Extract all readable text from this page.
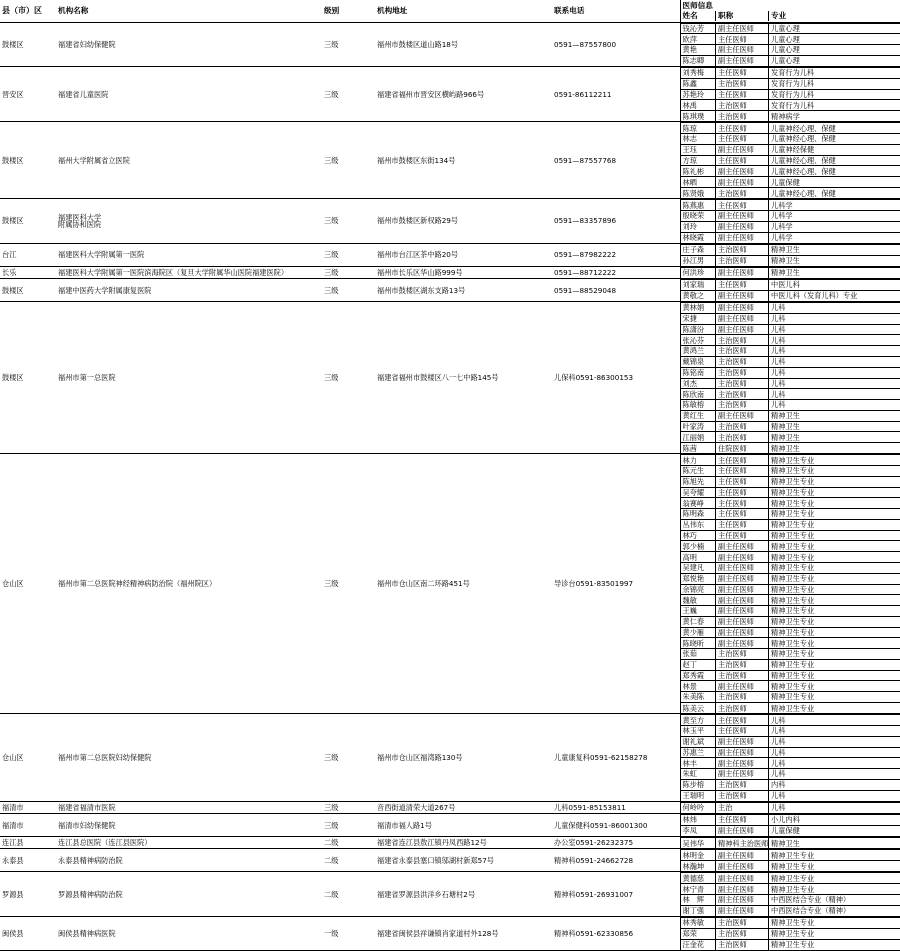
县（市）区	机构名称	级别	机构地址	联系电话	
医师信息
姓名	职称	专业

鼓楼区	福建省妇幼保健院	三级	福州市鼓楼区道山路18号	0591—87557800	
钱沁芳	副主任医师	儿童心理
欧萍	主任医师	儿童心理
黄艳	副主任医师	儿童心理
陈志卿	副主任医师	儿童心理

晋安区	福建省儿童医院	三级	福建省福州市晋安区横屿路966号	0591-86112211	
刘秀梅	主任医师	发育行为儿科
陈鑫	主治医师	发育行为儿科
苏艳玲	主任医师	发育行为儿科
林禹	主治医师	发育行为儿科
陈琪璞	主治医师	精神病学

鼓楼区	福州大学附属省立医院	三级	福州市鼓楼区东街134号	0591—87557768	
陈琼	主任医师	儿童神经心理、保健
林志	主任医师	儿童神经心理、保健
王珏	副主任医师	儿童神经保健
方琼	主任医师	儿童神经心理、保健
陈礼彬	副主任医师	儿童神经心理、保健
林晒	副主任医师	儿童保健
陈贤娥	主治医师	儿童神经心理、保健

鼓楼区	福建医科大学
附属协和医院	三级	福州市鼓楼区新权路29号	0591—83357896	
陈燕惠	主任医师	儿科学
殷晓荣	副主任医师	儿科学
刘玲	副主任医师	儿科学
林晓霞	副主任医师	儿科学

台江	福建医科大学附属第一医院	三级	福州市台江区茶中路20号	0591—87982222	
庄子森	主治医师	精神卫生
孙江男	主治医师	精神卫生

长乐	福建医科大学附属第一医院滨海院区（复旦大学附属华山医院福建医院）	三级	福州市长乐区华山路999号	0591—88712222		何洪珍	副主任医师	精神卫生

鼓楼区	福建中医药大学附属康复医院	三级	福州市鼓楼区湖东支路13号	0591—88529048	
刘家瑞	主任医师	中医儿科
黄敬之	副主任医师	中医儿科（发育儿科）专业

鼓楼区	福州市第一总医院	三级	福建省福州市鼓楼区八一七中路145号	儿保科0591-86300153	
黄林娟	副主任医师	儿科
宋捷	副主任医师	儿科
陈潇汾	副主任医师	儿科
张沁芬	主治医师	儿科
黄鸿兰	主治医师	儿科
戴锦泉	主治医师	儿科
陈铭南	主治医师	儿科
刘杰	主治医师	儿科
陈欣南	主治医师	儿科
陈敏榕	主治医师	儿科
黄红生	副主任医师	精神卫生
叶家涛	主治医师	精神卫生
江丽娟	主治医师	精神卫生
陈茜	住院医师	精神卫生

仓山区	福州市第二总医院神经精神病防治院（福州院区）	三级	福州市仓山区南二环路451号	导诊台0591-83501997	
林力	主任医师	精神卫生专业
陈元生	主任医师	精神卫生专业
陈旭先	主任医师	精神卫生专业
吴夸耀	主任医师	精神卫生专业
翁赛峥	主任医师	精神卫生专业
陈明森	主任医师	精神卫生专业
丛伟东	主任医师	精神卫生专业
林巧	主任医师	精神卫生专业
郭少楠	副主任医师	精神卫生专业
高明	副主任医师	精神卫生专业
吴建凡	副主任医师	精神卫生专业
郑悦艳	副主任医师	精神卫生专业
余锦亮	副主任医师	精神卫生专业
魏敏	副主任医师	精神卫生专业
王巍	副主任医师	精神卫生专业
黄仁春	副主任医师	精神卫生专业
黄少雁	副主任医师	精神卫生专业
陈晓昕	副主任医师	精神卫生专业
张茹	主治医师	精神卫生专业
赵丁	主治医师	精神卫生专业
郑秀霞	主治医师	精神卫生专业
林景	副主任医师	精神卫生专业
朱美陈	主治医师	精神卫生专业
陈美云	主治医师	精神卫生专业

仓山区	福州市第二总医院妇幼保健院	三级	福州市仓山区福湾路130号	儿童康复科0591-62158278	
黄至方	主任医师	儿科
林玉平	主任医师	儿科
谢礼斌	副主任医师	儿科
苏惠兰	副主任医师	儿科
林丰	副主任医师	儿科
朱虹	副主任医师	儿科
陈步榕	主治医师	内科
王瑞明	主治医师	儿科

福清市	福建省福清市医院	三级	音西街道清荣大道267号	儿科0591-85153811		何岭吟	主治	儿科

福清市	福清市妇幼保健院	三级	福清市福人路1号	儿童保健科0591-86001300	
林炜	主任医师	小儿内科
李凤	副主任医师	儿童保健

连江县	连江县总医院（连江县医院）	二级	福建省连江县敖江镇丹凤西路12号	办公室0591-26232375		吴伟华	精神科主治医师	精神卫生

永泰县	永泰县精神病防治院	二级	福建省永泰县塞口镇邬湖村新郑57号	精神科0591-24662728	
林明金	副主任医师	精神卫生专业
林瀚坤	副主任医师	精神卫生专业

罗源县	罗源县精神病防治院	二级	福建省罗源县洪洋乡石塘村2号	精神科0591-26931007	
黄德慈	副主任医师	精神卫生专业
林宁青	副主任医师	精神卫生专业
林　辉	副主任医师	中西医结合专业（精神）
谢丁强	副主任医师	中西医结合专业（精神）

闽侯县	闽侯县精神病医院	一级	福建省闽侯县祥谦镇肖家道村外128号	精神科0591-62330856	
林秀敏	主治医师	精神卫生专业
郑荣	主治医师	精神卫生专业
汪金花	主治医师	精神卫生专业
